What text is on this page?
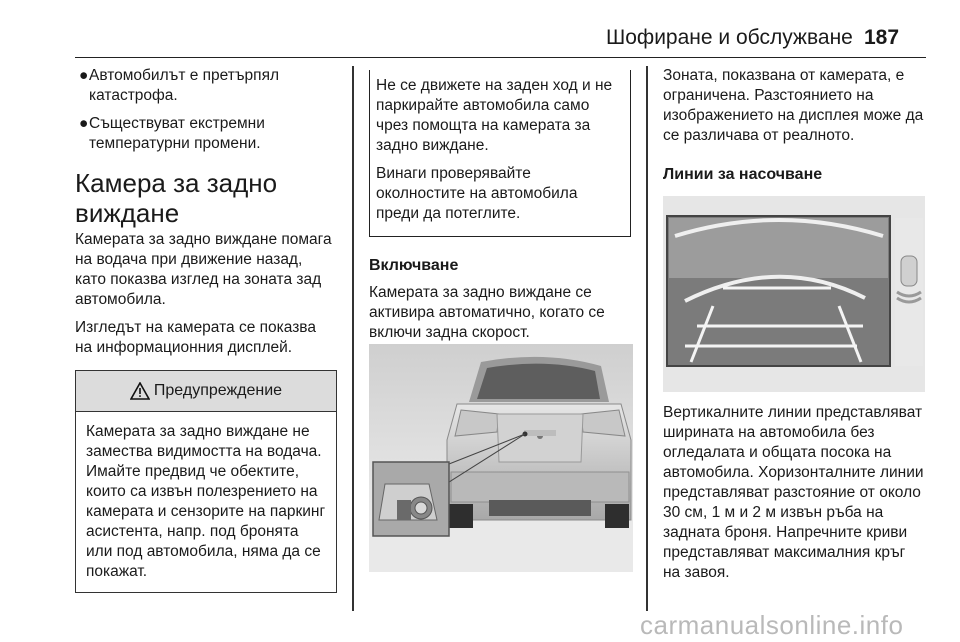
Шофиране и обслужване 187
● Автомобилът е претърпял катастрофа.
● Съществуват екстремни температурни промени.
Камера за задно виждане

Камерата за задно виждане помага на водача при движение назад, като показва изглед на зоната зад автомобила.

Изгледът на камерата се показва на информационния дисплей.

Предупреждение
Камерата за задно виждане не замества видимостта на водача. Имайте предвид че обектите, които са извън полезрението на камерата и сензорите на паркинг асистента, напр. под бронята или под автомобила, няма да се покажат.

Не се движете на заден ход и не паркирайте автомобила само чрез помощта на камерата за задно виждане.

Винаги проверявайте околностите на автомобила преди да потеглите.

Включване

Камерата за задно виждане се активира автоматично, когато се включи задна скорост.

Зоната, показвана от камерата, е ограничена. Разстоянието на изображението на дисплея може да се различава от реалното.

Линии за насочване

Вертикалните линии представляват ширината на автомобила без огледалата и общата посока на автомобила. Хоризонталните линии представляват разстояние от около 30 см, 1 м и 2 м извън ръба на задната броня. Напречните криви представляват максималния кръг на завоя.

carmanualsonline.info
